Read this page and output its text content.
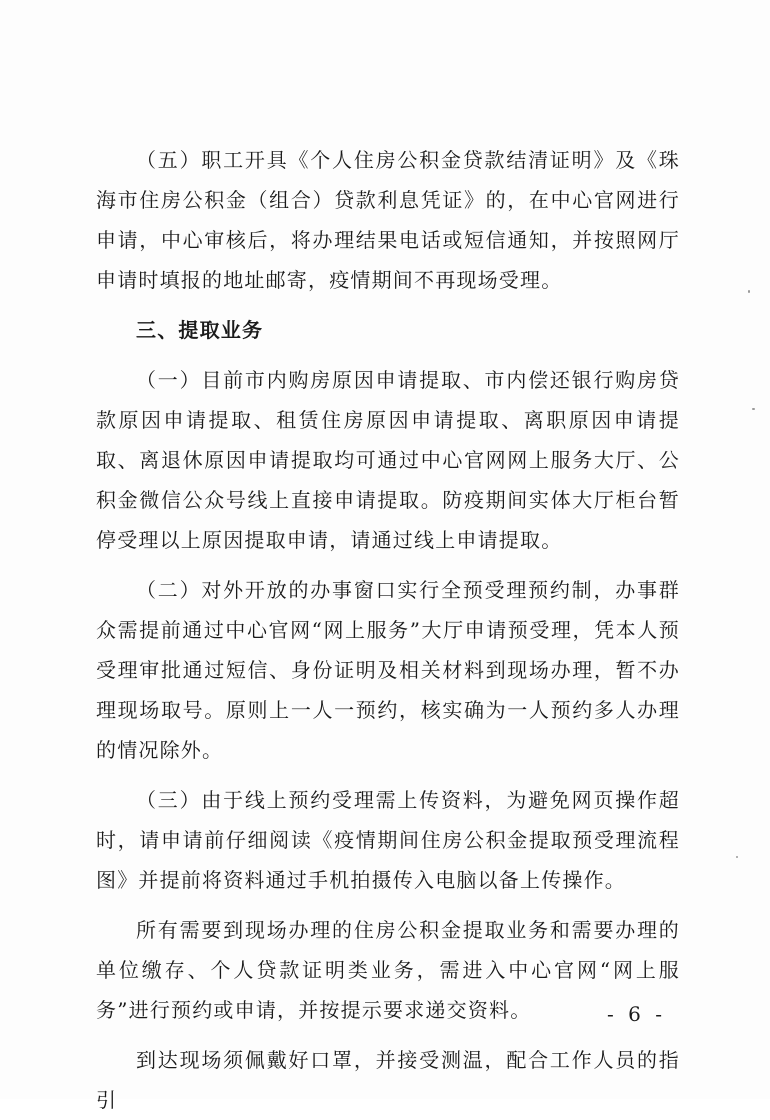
（五）职工开具《个人住房公积金贷款结清证明》及《珠海市住房公积金（组合）贷款利息凭证》的，在中心官网进行申请，中心审核后，将办理结果电话或短信通知，并按照网厅申请时填报的地址邮寄，疫情期间不再现场受理。

三、提取业务

（一）目前市内购房原因申请提取、市内偿还银行购房贷款原因申请提取、租赁住房原因申请提取、离职原因申请提取、离退休原因申请提取均可通过中心官网网上服务大厅、公积金微信公众号线上直接申请提取。防疫期间实体大厅柜台暂停受理以上原因提取申请，请通过线上申请提取。

（二）对外开放的办事窗口实行全预受理预约制，办事群众需提前通过中心官网“网上服务”大厅申请预受理，凭本人预受理审批通过短信、身份证明及相关材料到现场办理，暂不办理现场取号。原则上一人一预约，核实确为一人预约多人办理的情况除外。

（三）由于线上预约受理需上传资料，为避免网页操作超时，请申请前仔细阅读《疫情期间住房公积金提取预受理流程图》并提前将资料通过手机拍摄传入电脑以备上传操作。

所有需要到现场办理的住房公积金提取业务和需要办理的单位缴存、个人贷款证明类业务，需进入中心官网“网上服务”进行预约或申请，并按提示要求递交资料。

到达现场须佩戴好口罩，并接受测温，配合工作人员的指引

- 6 -
